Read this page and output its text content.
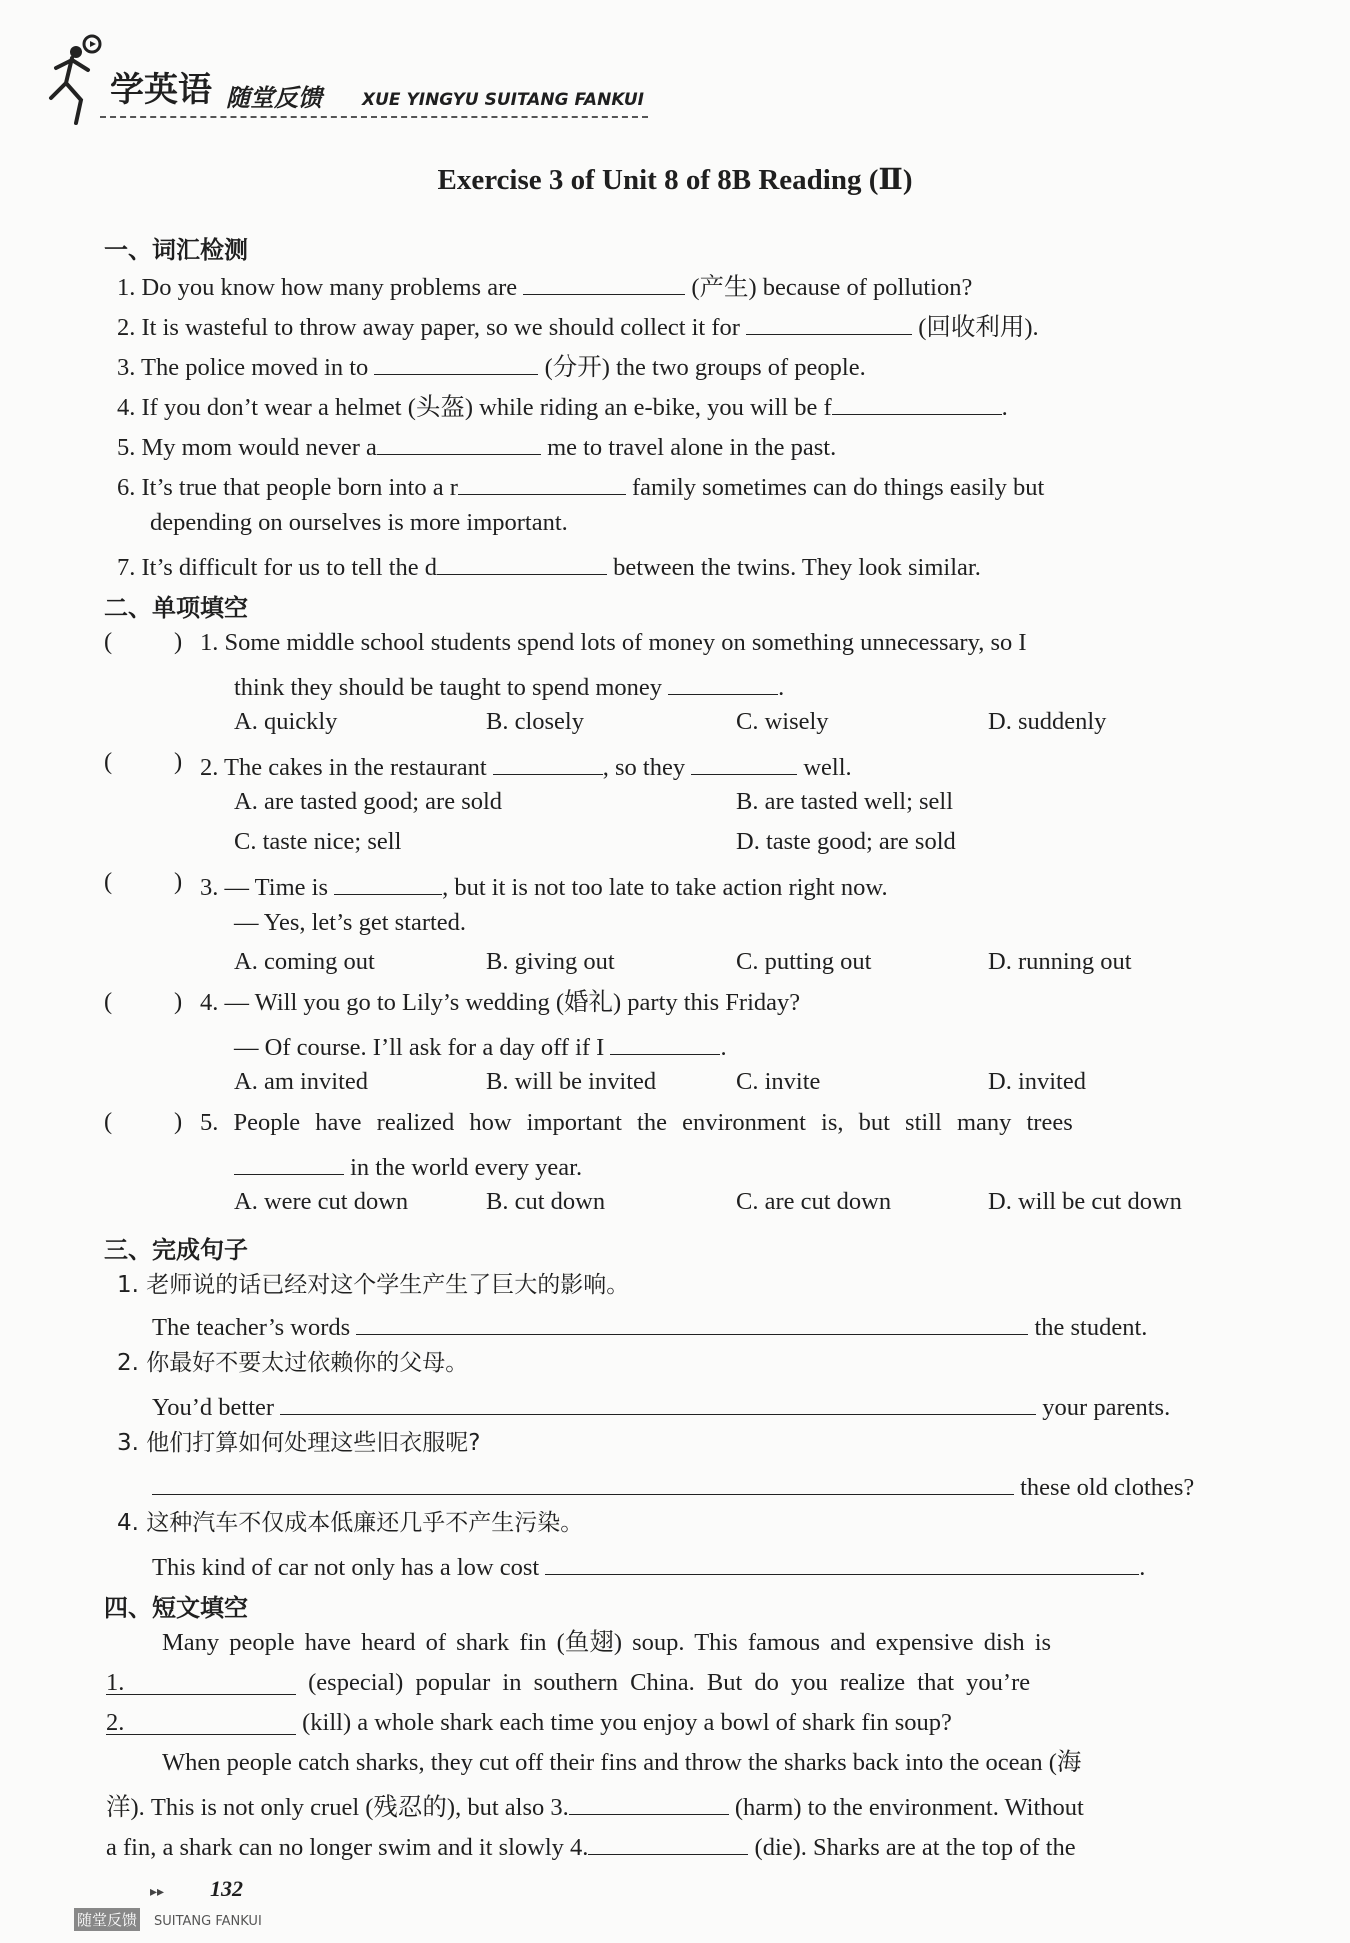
学英语 随堂反馈 XUE YINGYU SUITANG FANKUI
Exercise 3 of Unit 8 of 8B Reading (Ⅱ)
一、词汇检测
1. Do you know how many problems are	(产生) because of pollution?
2. It is wasteful to throw away paper, so we should collect it for	(回收利用).
3. The police moved in to	(分开) the two groups of people.
4. If you don’t wear a helmet (头盔) while riding an e-bike, you will be f	.
5. My mom would never a	me to travel alone in the past.
6. It’s true that people born into a r	family sometimes can do things easily but
depending on ourselves is more important.
7. It’s difficult for us to tell the d	between the twins. They look similar.
二、单项填空
(	) 1. Some middle school students spend lots of money on something unnecessary, so I
think they should be taught to spend money	.
A. quickly	B. closely	C. wisely	D. suddenly
(	) 2. The cakes in the restaurant	, so they	well.
A. are tasted good; are sold	B. are tasted well; sell
C. taste nice; sell	D. taste good; are sold
(	) 3. — Time is	, but it is not too late to take action right now.
— Yes, let’s get started.
A. coming out	B. giving out	C. putting out	D. running out
(	) 4. — Will you go to Lily’s wedding (婚礼) party this Friday?
— Of course. I’ll ask for a day off if I	.
A. am invited	B. will be invited	C. invite	D. invited
(	) 5. People have realized how important the environment is, but still many trees
in the world every year.
A. were cut down	B. cut down	C. are cut down	D. will be cut down
三、完成句子
1. 老师说的话已经对这个学生产生了巨大的影响。
The teacher’s words	the student.
2. 你最好不要太过依赖你的父母。
You’d better	your parents.
3. 他们打算如何处理这些旧衣服呢?
these old clothes?
4. 这种汽车不仅成本低廉还几乎不产生污染。
This kind of car not only has a low cost	.
四、短文填空
Many people have heard of shark fin (鱼翅) soup. This famous and expensive dish is
1.	(especial) popular in southern China. But do you realize that you’re
2.	(kill) a whole shark each time you enjoy a bowl of shark fin soup?
When people catch sharks, they cut off their fins and throw the sharks back into the ocean (海
洋). This is not only cruel (残忍的), but also 3.	(harm) to the environment. Without
a fin, a shark can no longer swim and it slowly 4.	(die). Sharks are at the top of the
▸▸ 132
随堂反馈 SUITANG FANKUI
